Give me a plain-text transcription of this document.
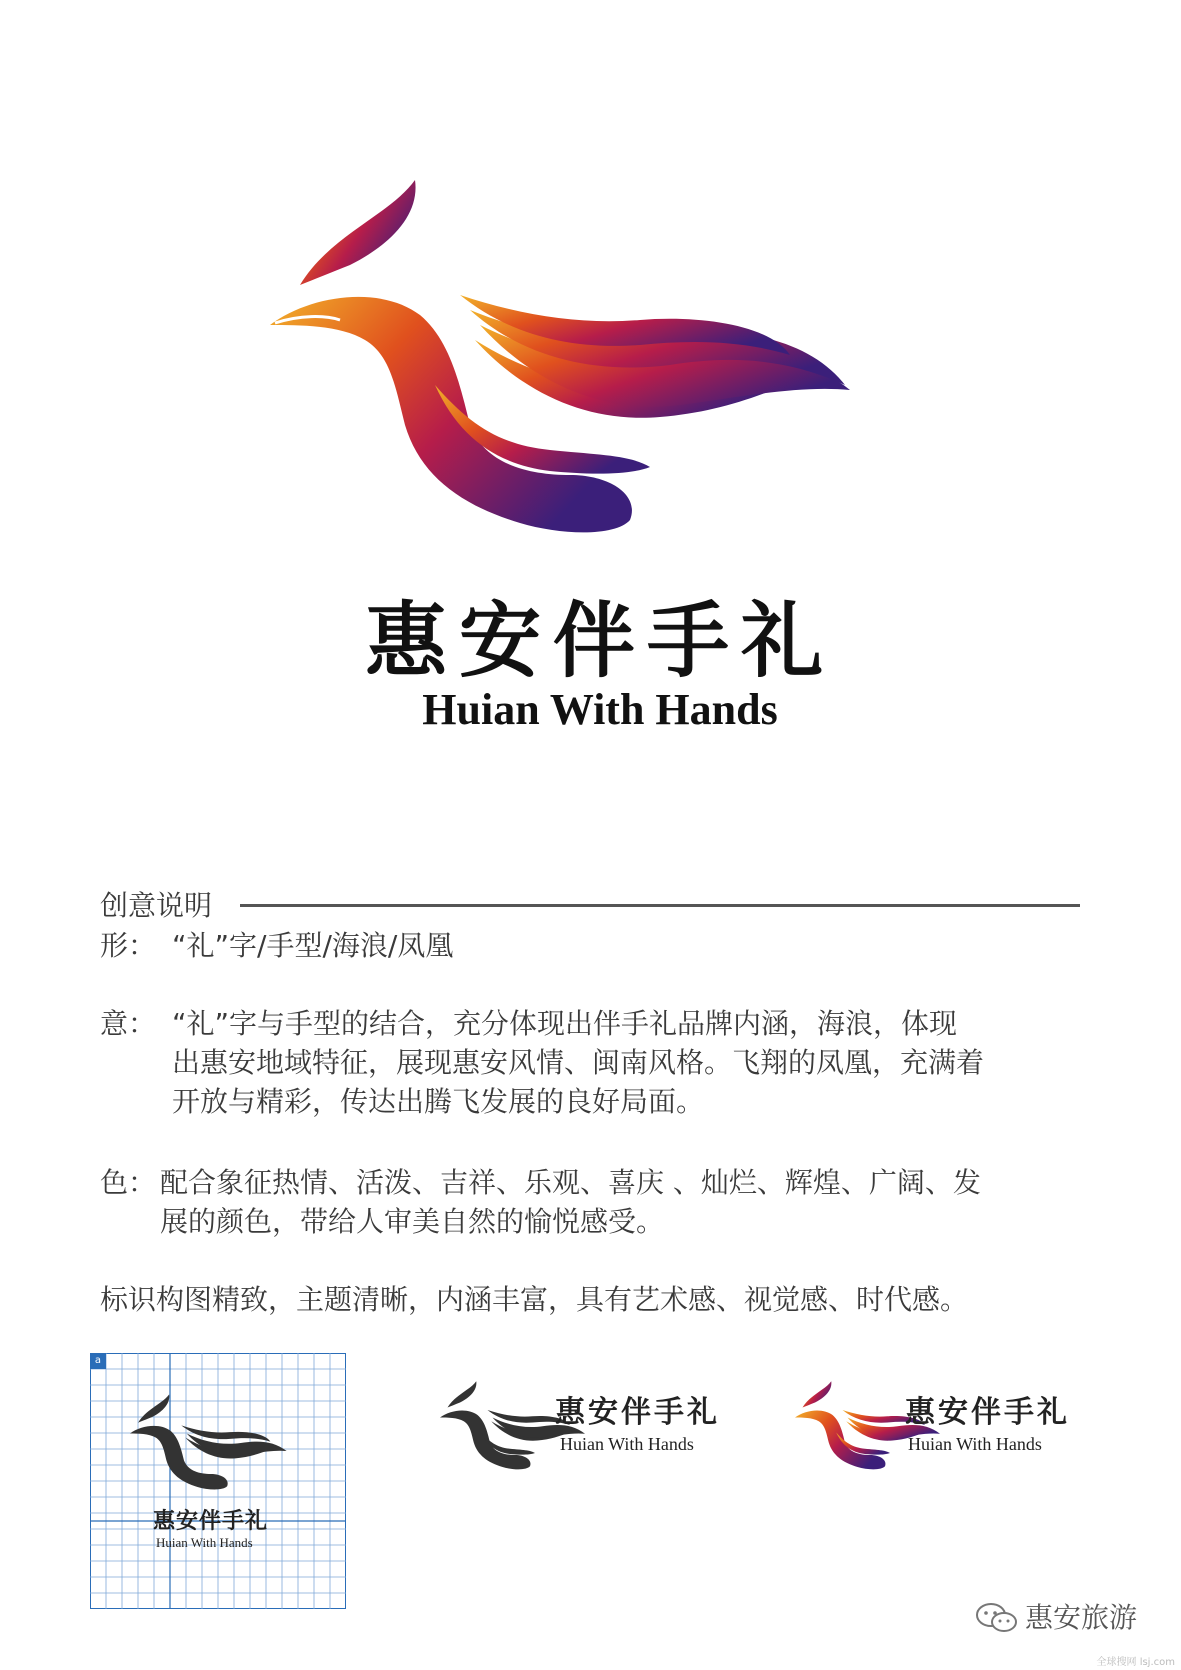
惠安伴手礼
Huian With Hands
创意说明
形： “礼”字/手型/海浪/凤凰
意： “礼”字与手型的结合，充分体现出伴手礼品牌内涵，海浪，体现
出惠安地域特征，展现惠安风情、闽南风格。飞翔的凤凰，充满着
开放与精彩，传达出腾飞发展的良好局面。
色： 配合象征热情、活泼、吉祥、乐观、喜庆 、灿烂、辉煌、广阔、发
展的颜色，带给人审美自然的愉悦感受。
标识构图精致，主题清晰，内涵丰富，具有艺术感、视觉感、时代感。
a
惠安伴手礼
Huian With Hands
惠安伴手礼
Huian With Hands
惠安伴手礼
Huian With Hands
惠安旅游
全球搜网 lsj.com
